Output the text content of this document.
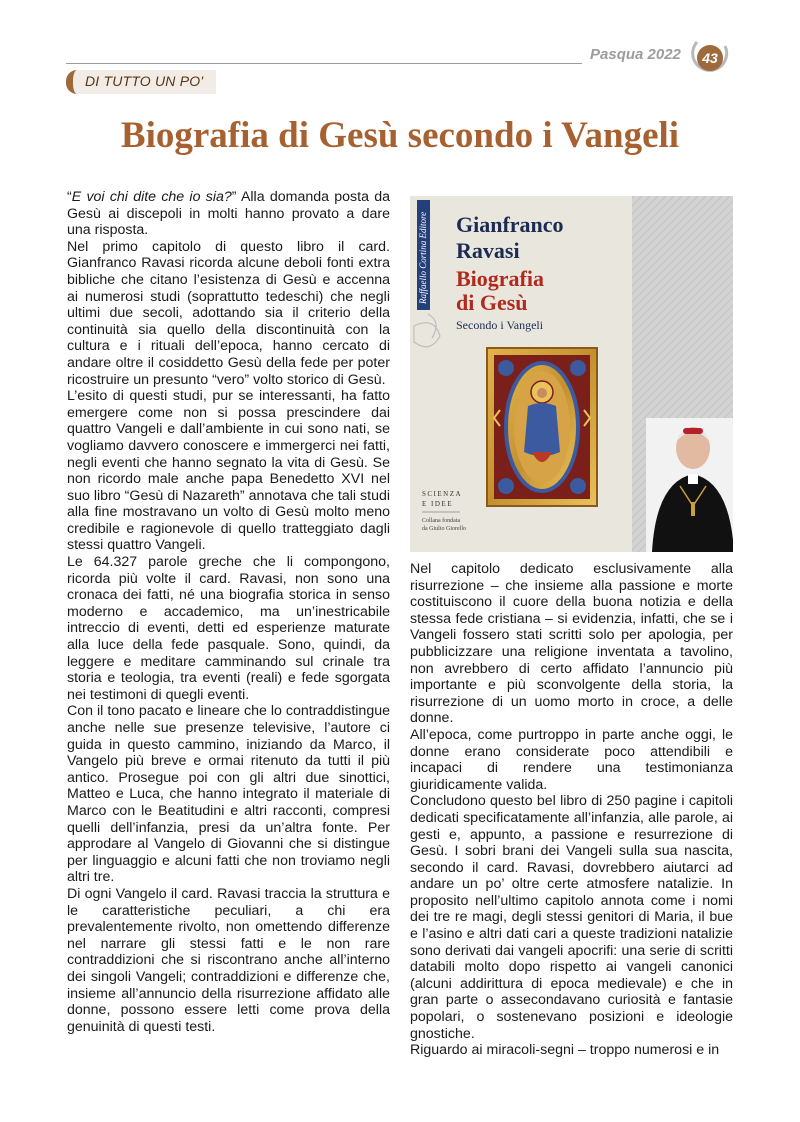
Pasqua 2022	43
DI TUTTO UN PO'
Biografia di Gesù secondo i Vangeli

“E voi chi dite che io sia?” Alla domanda posta da Gesù ai discepoli in molti hanno provato a dare una risposta.

Nel primo capitolo di questo libro il card. Gianfranco Ravasi ricorda alcune deboli fonti extra bibliche che citano l’esistenza di Gesù e accenna ai numerosi studi (soprattutto tedeschi) che negli ultimi due secoli, adottando sia il criterio della continuità sia quello della discontinuità con la cultura e i rituali dell’epoca, hanno cercato di andare oltre il cosiddetto Gesù della fede per poter ricostruire un presunto “vero” volto storico di Gesù.

L’esito di questi studi, pur se interessanti, ha fatto emergere come non si possa prescindere dai quattro Vangeli e dall’ambiente in cui sono nati, se vogliamo davvero conoscere e immergerci nei fatti, negli eventi che hanno segnato la vita di Gesù. Se non ricordo male anche papa Benedetto XVI nel suo libro “Gesù di Nazareth” annotava che tali studi alla fine mostravano un volto di Gesù molto meno credibile e ragionevole di quello tratteggiato dagli stessi quattro Vangeli.

Le 64.327 parole greche che li compongono, ricorda più volte il card. Ravasi, non sono una cronaca dei fatti, né una biografia storica in senso moderno e accademico, ma un’inestricabile intreccio di eventi, detti ed esperienze maturate alla luce della fede pasquale. Sono, quindi, da leggere e meditare camminando sul crinale tra storia e teologia, tra eventi (reali) e fede sgorgata nei testimoni di quegli eventi.

Con il tono pacato e lineare che lo contraddistingue anche nelle sue presenze televisive, l’autore ci guida in questo cammino, iniziando da Marco, il Vangelo più breve e ormai ritenuto da tutti il più antico. Prosegue poi con gli altri due sinottici, Matteo e Luca, che hanno integrato il materiale di Marco con le Beatitudini e altri racconti, compresi quelli dell’infanzia, presi da un’altra fonte. Per approdare al Vangelo di Giovanni che si distingue per linguaggio e alcuni fatti che non troviamo negli altri tre.

Di ogni Vangelo il card. Ravasi traccia la struttura e le caratteristiche peculiari, a chi era prevalentemente rivolto, non omettendo differenze nel narrare gli stessi fatti e le non rare contraddizioni che si riscontrano anche all’interno dei singoli Vangeli; contraddizioni e differenze che, insieme all’annuncio della risurrezione affidato alle donne, possono essere letti come prova della genuinità di questi testi.

Raffaello Cortina Editore Gianfranco
Ravasi
Biografia
di Gesù
Secondo i Vangeli
SCIENZA
E IDEE
Collana fondata
da Giulio Giorello

Nel capitolo dedicato esclusivamente alla risurrezione – che insieme alla passione e morte costituiscono il cuore della buona notizia e della stessa fede cristiana – si evidenzia, infatti, che se i Vangeli fossero stati scritti solo per apologia, per pubblicizzare una religione inventata a tavolino, non avrebbero di certo affidato l’annuncio più importante e più sconvolgente della storia, la risurrezione di un uomo morto in croce, a delle donne.

All’epoca, come purtroppo in parte anche oggi, le donne erano considerate poco attendibili e incapaci di rendere una testimonianza giuridicamente valida.

Concludono questo bel libro di 250 pagine i capitoli dedicati specificatamente all’infanzia, alle parole, ai gesti e, appunto, a passione e resurrezione di Gesù. I sobri brani dei Vangeli sulla sua nascita, secondo il card. Ravasi, dovrebbero aiutarci ad andare un po’ oltre certe atmosfere natalizie. In proposito nell’ultimo capitolo annota come i nomi dei tre re magi, degli stessi genitori di Maria, il bue e l’asino e altri dati cari a queste tradizioni natalizie sono derivati dai vangeli apocrifi: una serie di scritti databili molto dopo rispetto ai vangeli canonici (alcuni addirittura di epoca medievale) e che in gran parte o assecondavano curiosità e fantasie popolari, o sostenevano posizioni e ideologie gnostiche.

Riguardo ai miracoli-segni – troppo numerosi e in
